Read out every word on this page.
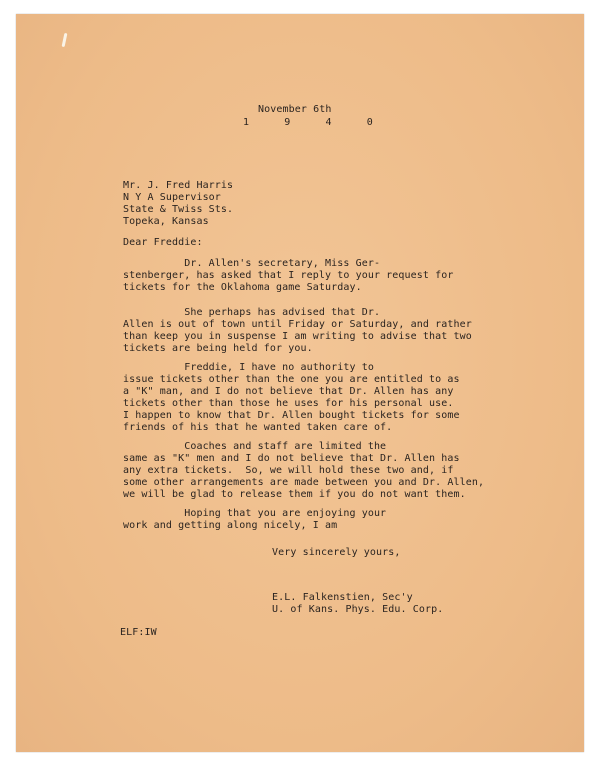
November 6th
1 9 4 0
Mr. J. Fred Harris
N Y A Supervisor
State & Twiss Sts.
Topeka, Kansas
Dear Freddie:
Dr. Allen's secretary, Miss Ger-
stenberger, has asked that I reply to your request for
tickets for the Oklahoma game Saturday.
She perhaps has advised that Dr.
Allen is out of town until Friday or Saturday, and rather
than keep you in suspense I am writing to advise that two
tickets are being held for you.
Freddie, I have no authority to
issue tickets other than the one you are entitled to as
a "K" man, and I do not believe that Dr. Allen has any
tickets other than those he uses for his personal use.
I happen to know that Dr. Allen bought tickets for some
friends of his that he wanted taken care of.
Coaches and staff are limited the
same as "K" men and I do not believe that Dr. Allen has
any extra tickets.  So, we will hold these two and, if
some other arrangements are made between you and Dr. Allen,
we will be glad to release them if you do not want them.
Hoping that you are enjoying your
work and getting along nicely, I am
Very sincerely yours,
E.L. Falkenstien, Sec'y
U. of Kans. Phys. Edu. Corp.
ELF:IW
